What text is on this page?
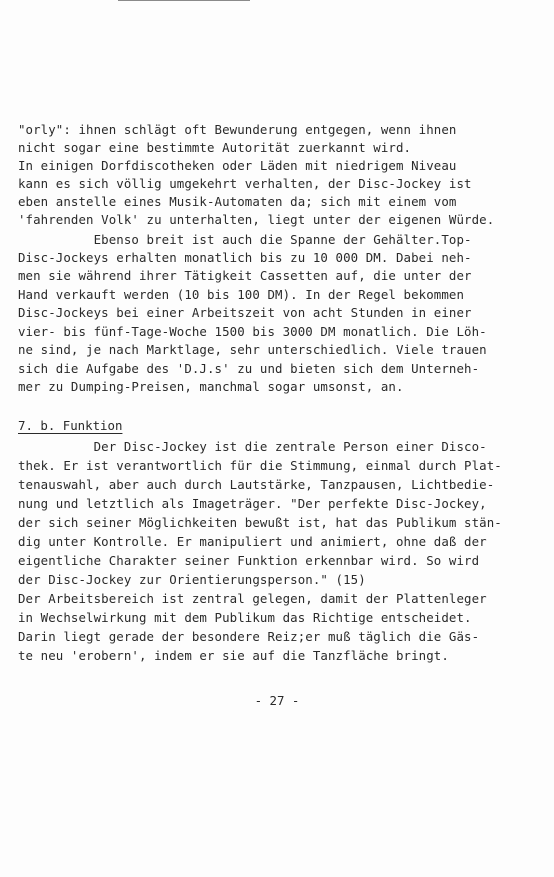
"orly": ihnen schlägt oft Bewunderung entgegen, wenn ihnen
nicht sogar eine bestimmte Autorität zuerkannt wird.
In einigen Dorfdiscotheken oder Läden mit niedrigem Niveau
kann es sich völlig umgekehrt verhalten, der Disc-Jockey ist
eben anstelle eines Musik-Automaten da; sich mit einem vom
'fahrenden Volk' zu unterhalten, liegt unter der eigenen Würde.
Ebenso breit ist auch die Spanne der Gehälter.Top-
Disc-Jockeys erhalten monatlich bis zu 10 000 DM. Dabei neh-
men sie während ihrer Tätigkeit Cassetten auf, die unter der
Hand verkauft werden (10 bis 100 DM). In der Regel bekommen
Disc-Jockeys bei einer Arbeitszeit von acht Stunden in einer
vier- bis fünf-Tage-Woche 1500 bis 3000 DM monatlich. Die Löh-
ne sind, je nach Marktlage, sehr unterschiedlich. Viele trauen
sich die Aufgabe des 'D.J.s' zu und bieten sich dem Unterneh-
mer zu Dumping-Preisen, manchmal sogar umsonst, an.
7. b. Funktion
Der Disc-Jockey ist die zentrale Person einer Disco-
thek. Er ist verantwortlich für die Stimmung, einmal durch Plat-
tenauswahl, aber auch durch Lautstärke, Tanzpausen, Lichtbedie-
nung und letztlich als Imageträger. "Der perfekte Disc-Jockey,
der sich seiner Möglichkeiten bewußt ist, hat das Publikum stän-
dig unter Kontrolle. Er manipuliert und animiert, ohne daß der
eigentliche Charakter seiner Funktion erkennbar wird. So wird
der Disc-Jockey zur Orientierungsperson." (15)
Der Arbeitsbereich ist zentral gelegen, damit der Plattenleger
in Wechselwirkung mit dem Publikum das Richtige entscheidet.
Darin liegt gerade der besondere Reiz;er muß täglich die Gäs-
te neu 'erobern', indem er sie auf die Tanzfläche bringt.
- 27 -
